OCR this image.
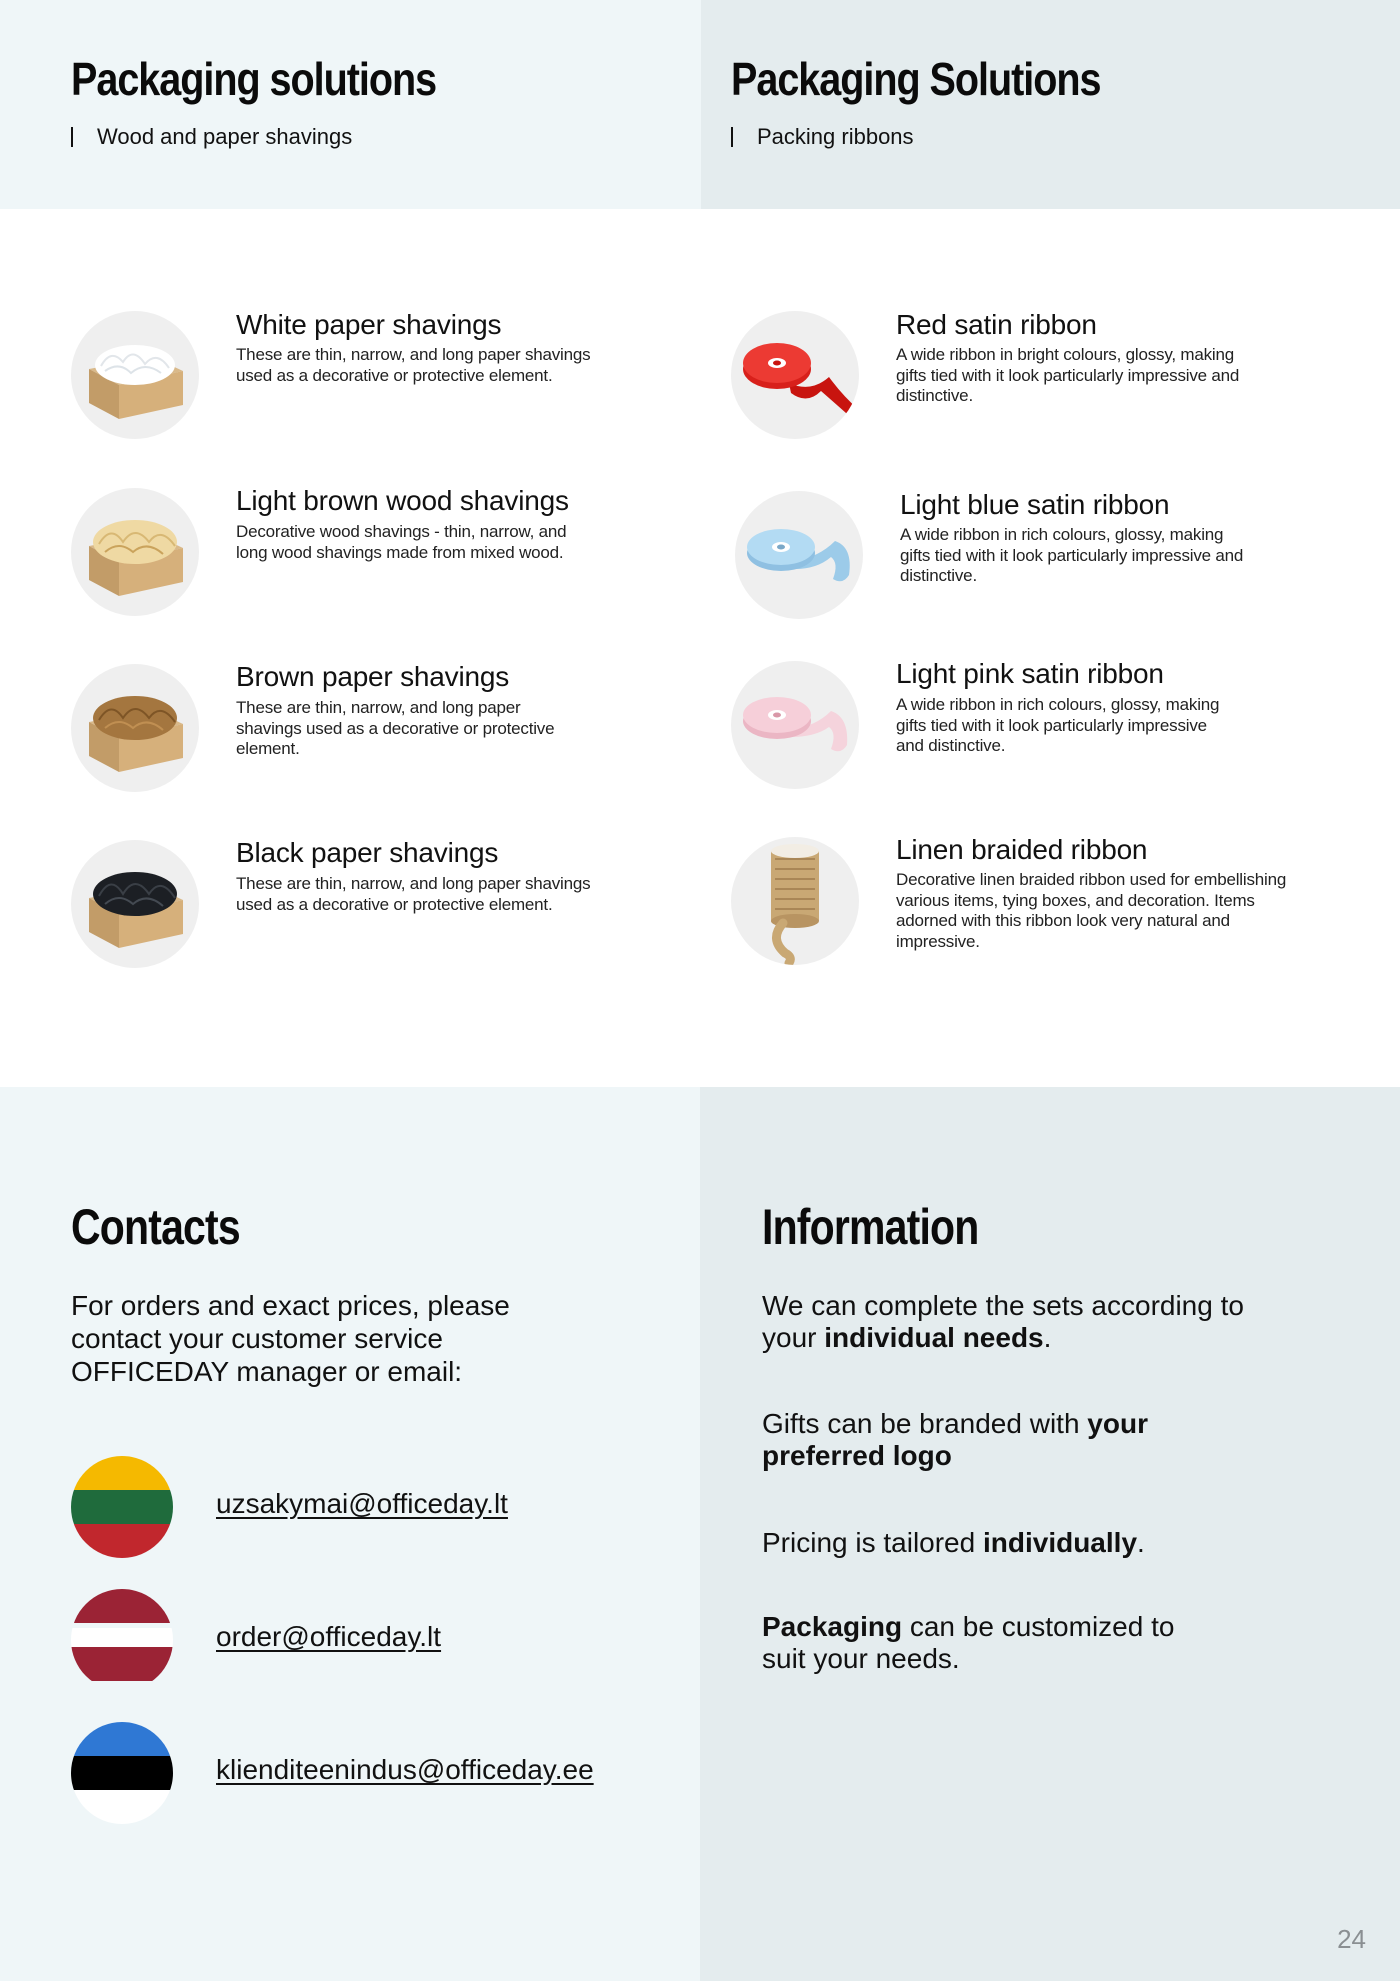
Packaging solutions
Wood and paper shavings
Packaging Solutions
Packing ribbons
White paper shavings
These are thin, narrow, and long paper shavings used as a decorative or protective element.
Light brown wood shavings
Decorative wood shavings - thin, narrow, and long wood shavings made from mixed wood.
Brown paper shavings
These are thin, narrow, and long paper shavings used as a decorative or protective element.
Black paper shavings
These are thin, narrow, and long paper shavings used as a decorative or protective element.
Red satin ribbon
A wide ribbon in bright colours, glossy, making gifts tied with it look particularly impressive and distinctive.
Light blue satin ribbon
A wide ribbon in rich colours, glossy, making gifts tied with it look particularly impressive and distinctive.
Light pink satin ribbon
A wide ribbon in rich colours, glossy, making gifts tied with it look particularly impressive and distinctive.
Linen braided ribbon
Decorative linen braided ribbon used for embellishing various items, tying boxes, and decoration. Items adorned with this ribbon look very natural and impressive.
Contacts
For orders and exact prices, please contact your customer service OFFICEDAY manager or email:
uzsakymai@officeday.lt
order@officeday.lt
klienditeenindus@officeday.ee
Information
We can complete the sets according to your individual needs.
Gifts can be branded with your preferred logo
Pricing is tailored individually.
Packaging can be customized to suit your needs.
24
